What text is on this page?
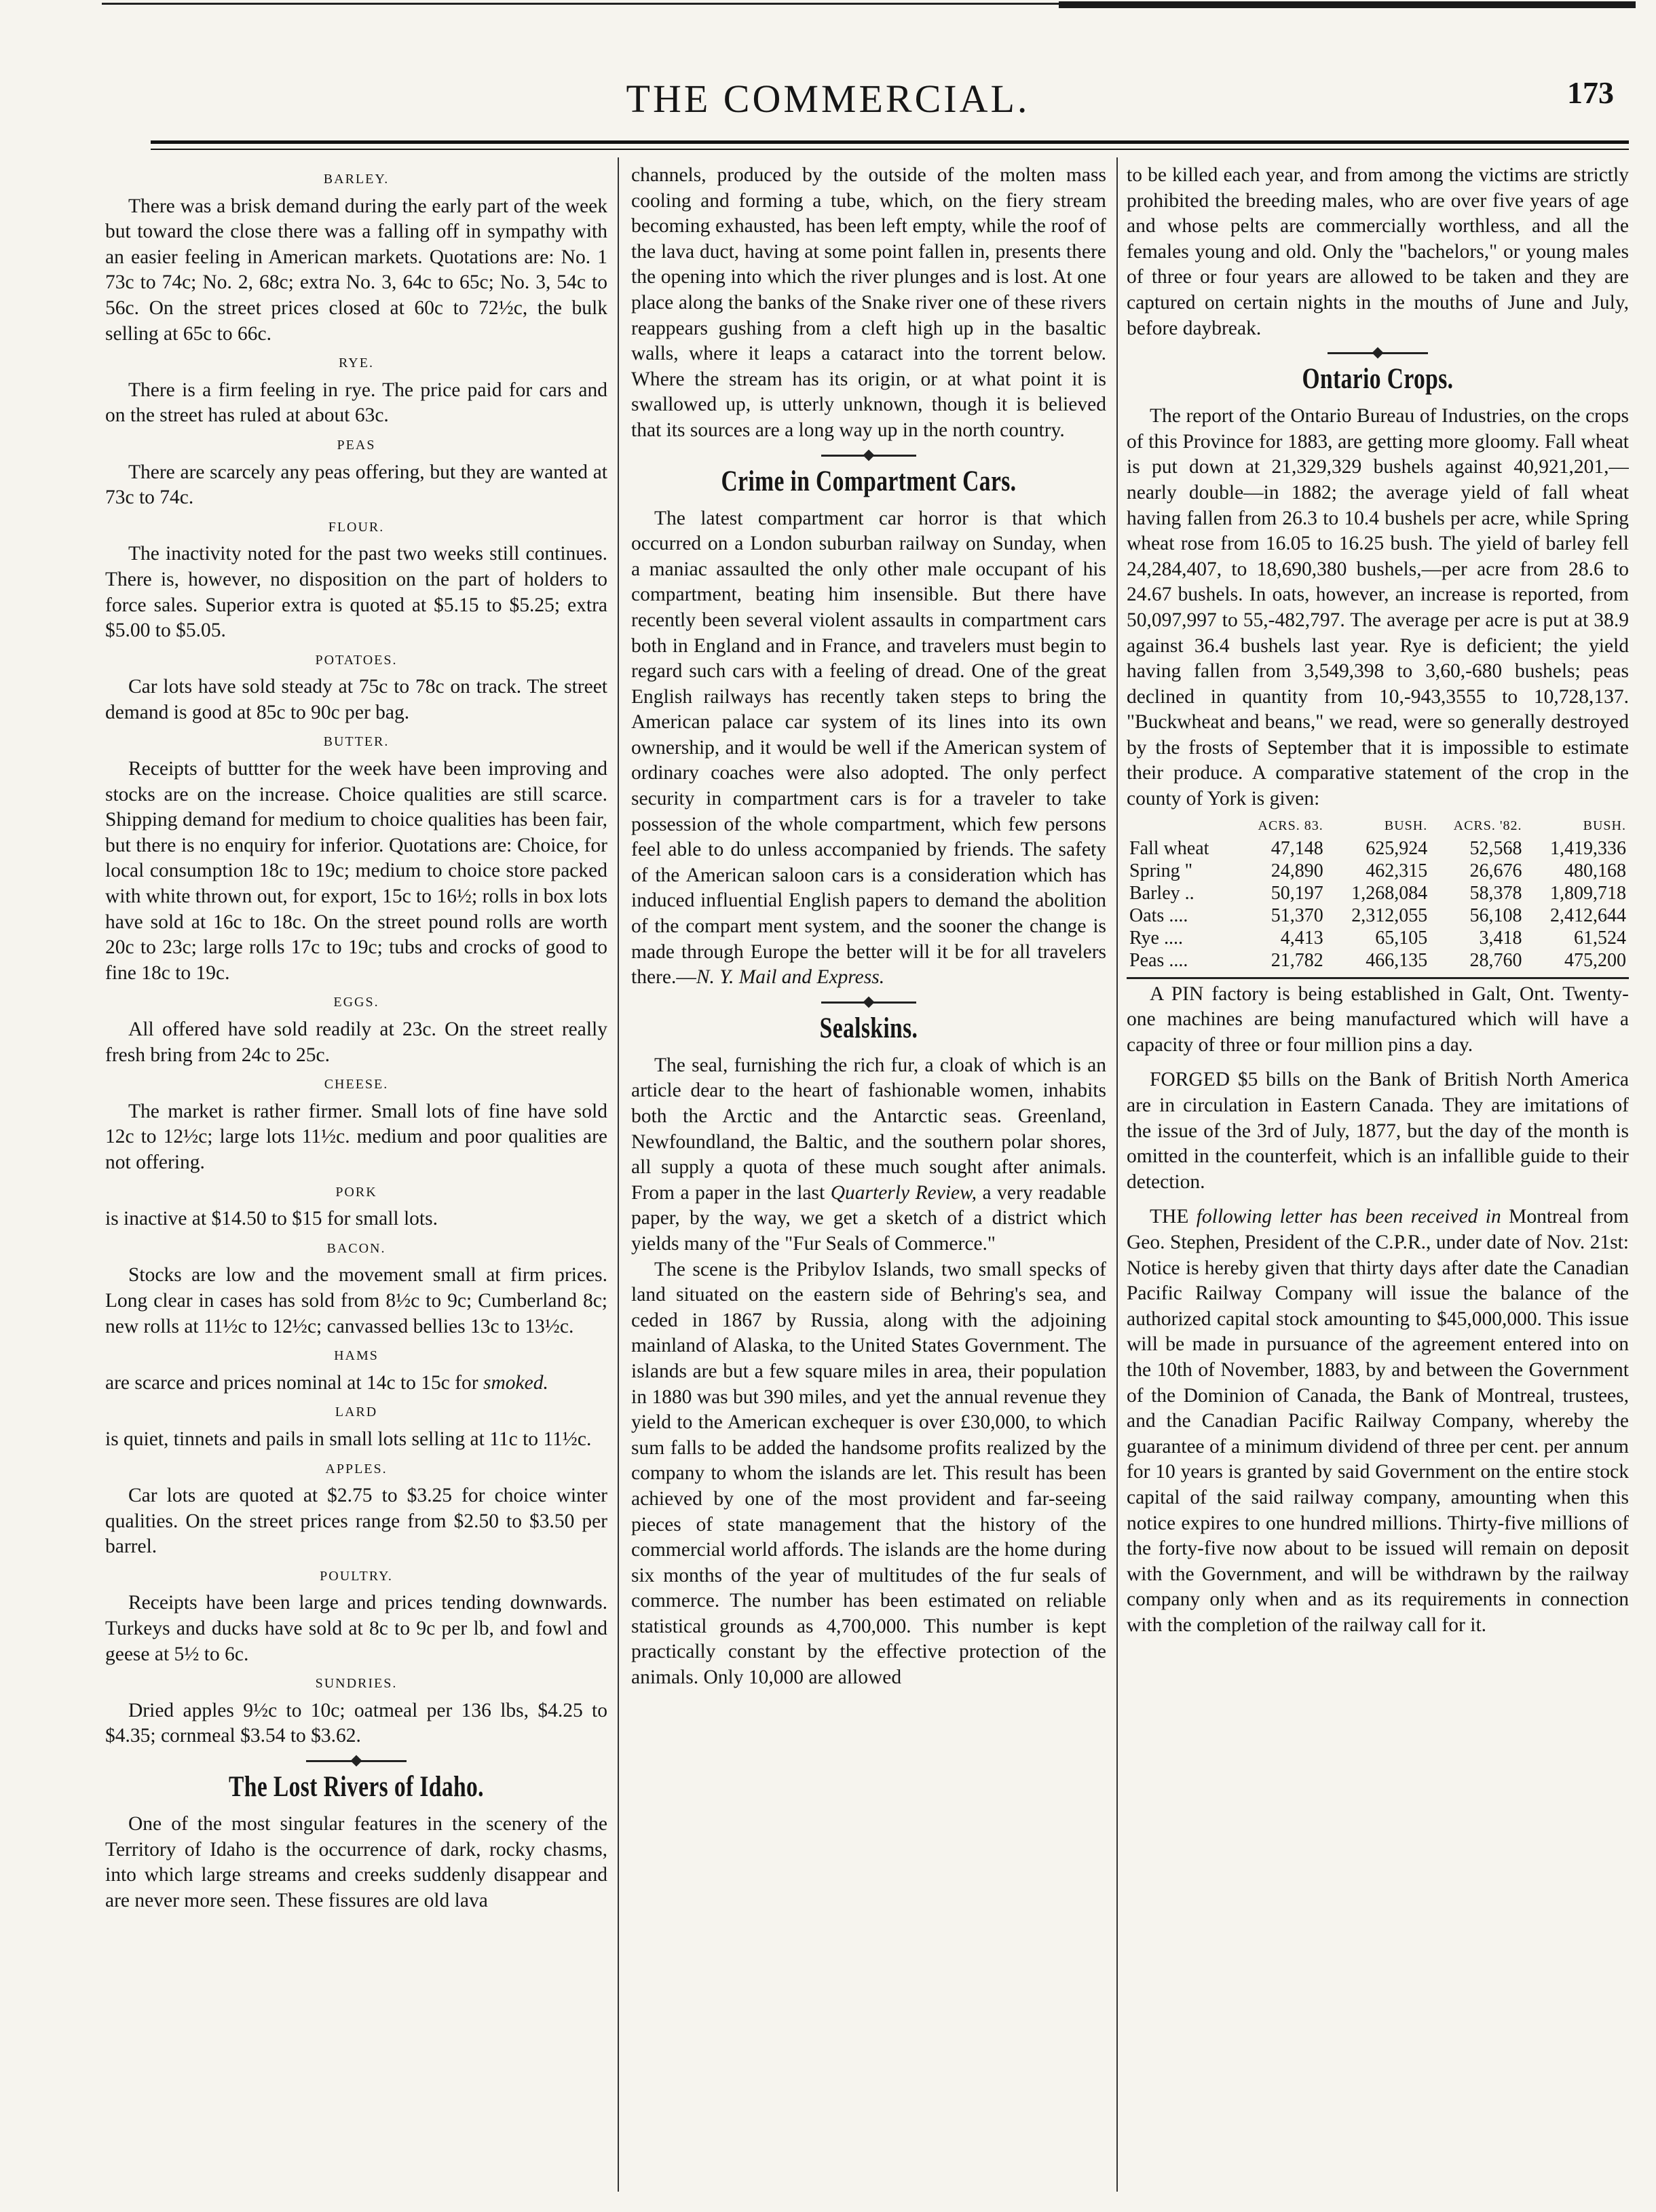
THE COMMERCIAL.	173
BARLEY.

There was a brisk demand during the early part of the week but toward the close there was a falling off in sympathy with an easier feeling in American markets. Quotations are: No. 1 73c to 74c; No. 2, 68c; extra No. 3, 64c to 65c; No. 3, 54c to 56c. On the street prices closed at 60c to 72½c, the bulk selling at 65c to 66c.

RYE.

There is a firm feeling in rye. The price paid for cars and on the street has ruled at about 63c.

PEAS

There are scarcely any peas offering, but they are wanted at 73c to 74c.

FLOUR.

The inactivity noted for the past two weeks still continues. There is, however, no disposition on the part of holders to force sales. Superior extra is quoted at $5.15 to $5.25; extra $5.00 to $5.05.

POTATOES.

Car lots have sold steady at 75c to 78c on track. The street demand is good at 85c to 90c per bag.

BUTTER.

Receipts of buttter for the week have been improving and stocks are on the increase. Choice qualities are still scarce. Shipping demand for medium to choice qualities has been fair, but there is no enquiry for inferior. Quotations are: Choice, for local consumption 18c to 19c; medium to choice store packed with white thrown out, for export, 15c to 16½; rolls in box lots have sold at 16c to 18c. On the street pound rolls are worth 20c to 23c; large rolls 17c to 19c; tubs and crocks of good to fine 18c to 19c.

EGGS.

All offered have sold readily at 23c. On the street really fresh bring from 24c to 25c.

CHEESE.

The market is rather firmer. Small lots of fine have sold 12c to 12½c; large lots 11½c. medium and poor qualities are not offering.

PORK

is inactive at $14.50 to $15 for small lots.

BACON.

Stocks are low and the movement small at firm prices. Long clear in cases has sold from 8½c to 9c; Cumberland 8c; new rolls at 11½c to 12½c; canvassed bellies 13c to 13½c.

HAMS

are scarce and prices nominal at 14c to 15c for smoked.

LARD

is quiet, tinnets and pails in small lots selling at 11c to 11½c.

APPLES.

Car lots are quoted at $2.75 to $3.25 for choice winter qualities. On the street prices range from $2.50 to $3.50 per barrel.

POULTRY.

Receipts have been large and prices tending downwards. Turkeys and ducks have sold at 8c to 9c per lb, and fowl and geese at 5½ to 6c.

SUNDRIES.

Dried apples 9½c to 10c; oatmeal per 136 lbs, $4.25 to $4.35; cornmeal $3.54 to $3.62.

The Lost Rivers of Idaho.

One of the most singular features in the scenery of the Territory of Idaho is the occurrence of dark, rocky chasms, into which large streams and creeks suddenly disappear and are never more seen. These fissures are old lava

channels, produced by the outside of the molten mass cooling and forming a tube, which, on the fiery stream becoming exhausted, has been left empty, while the roof of the lava duct, having at some point fallen in, presents there the opening into which the river plunges and is lost. At one place along the banks of the Snake river one of these rivers reappears gushing from a cleft high up in the basaltic walls, where it leaps a cataract into the torrent below. Where the stream has its origin, or at what point it is swallowed up, is utterly unknown, though it is believed that its sources are a long way up in the north country.

Crime in Compartment Cars.

The latest compartment car horror is that which occurred on a London suburban railway on Sunday, when a maniac assaulted the only other male occupant of his compartment, beating him insensible. But there have recently been several violent assaults in compartment cars both in England and in France, and travelers must begin to regard such cars with a feeling of dread. One of the great English railways has recently taken steps to bring the American palace car system of its lines into its own ownership, and it would be well if the American system of ordinary coaches were also adopted. The only perfect security in compartment cars is for a traveler to take possession of the whole compartment, which few persons feel able to do unless accompanied by friends. The safety of the American saloon cars is a consideration which has induced influential English papers to demand the abolition of the compart ment system, and the sooner the change is made through Europe the better will it be for all travelers there.—N. Y. Mail and Express.

Sealskins.

The seal, furnishing the rich fur, a cloak of which is an article dear to the heart of fashionable women, inhabits both the Arctic and the Antarctic seas. Greenland, Newfoundland, the Baltic, and the southern polar shores, all supply a quota of these much sought after animals. From a paper in the last Quarterly Review, a very readable paper, by the way, we get a sketch of a district which yields many of the "Fur Seals of Commerce."

The scene is the Pribylov Islands, two small specks of land situated on the eastern side of Behring's sea, and ceded in 1867 by Russia, along with the adjoining mainland of Alaska, to the United States Government. The islands are but a few square miles in area, their population in 1880 was but 390 miles, and yet the annual revenue they yield to the American exchequer is over £30,000, to which sum falls to be added the handsome profits realized by the company to whom the islands are let. This result has been achieved by one of the most provident and far-seeing pieces of state management that the history of the commercial world affords. The islands are the home during six months of the year of multitudes of the fur seals of commerce. The number has been estimated on reliable statistical grounds as 4,700,000. This number is kept practically constant by the effective protection of the animals. Only 10,000 are allowed

to be killed each year, and from among the victims are strictly prohibited the breeding males, who are over five years of age and whose pelts are commercially worthless, and all the females young and old. Only the "bachelors," or young males of three or four years are allowed to be taken and they are captured on certain nights in the mouths of June and July, before daybreak.

Ontario Crops.

The report of the Ontario Bureau of Industries, on the crops of this Province for 1883, are getting more gloomy. Fall wheat is put down at 21,329,329 bushels against 40,921,201,— nearly double—in 1882; the average yield of fall wheat having fallen from 26.3 to 10.4 bushels per acre, while Spring wheat rose from 16.05 to 16.25 bush. The yield of barley fell 24,284,407, to 18,690,380 bushels,—per acre from 28.6 to 24.67 bushels. In oats, however, an increase is reported, from 50,097,997 to 55,-482,797. The average per acre is put at 38.9 against 36.4 bushels last year. Rye is deficient; the yield having fallen from 3,549,398 to 3,60,-680 bushels; peas declined in quantity from 10,-943,3555 to 10,728,137. "Buckwheat and beans," we read, were so generally destroyed by the frosts of September that it is impossible to estimate their produce. A comparative statement of the crop in the county of York is given:

	ACRS. 83.	BUSH.	ACRS. '82.	BUSH.
Fall wheat	47,148	625,924	52,568	1,419,336
Spring "	24,890	462,315	26,676	480,168
Barley ..	50,197	1,268,084	58,378	1,809,718
Oats ....	51,370	2,312,055	56,108	2,412,644
Rye ....	4,413	65,105	3,418	61,524
Peas ....	21,782	466,135	28,760	475,200

A PIN factory is being established in Galt, Ont. Twenty-one machines are being manufactured which will have a capacity of three or four million pins a day.

FORGED $5 bills on the Bank of British North America are in circulation in Eastern Canada. They are imitations of the issue of the 3rd of July, 1877, but the day of the month is omitted in the counterfeit, which is an infallible guide to their detection.

THE following letter has been received in Montreal from Geo. Stephen, President of the C.P.R., under date of Nov. 21st: Notice is hereby given that thirty days after date the Canadian Pacific Railway Company will issue the balance of the authorized capital stock amounting to $45,000,000. This issue will be made in pursuance of the agreement entered into on the 10th of November, 1883, by and between the Government of the Dominion of Canada, the Bank of Montreal, trustees, and the Canadian Pacific Railway Company, whereby the guarantee of a minimum dividend of three per cent. per annum for 10 years is granted by said Government on the entire stock capital of the said railway company, amounting when this notice expires to one hundred millions. Thirty-five millions of the forty-five now about to be issued will remain on deposit with the Government, and will be withdrawn by the railway company only when and as its requirements in connection with the completion of the railway call for it.
